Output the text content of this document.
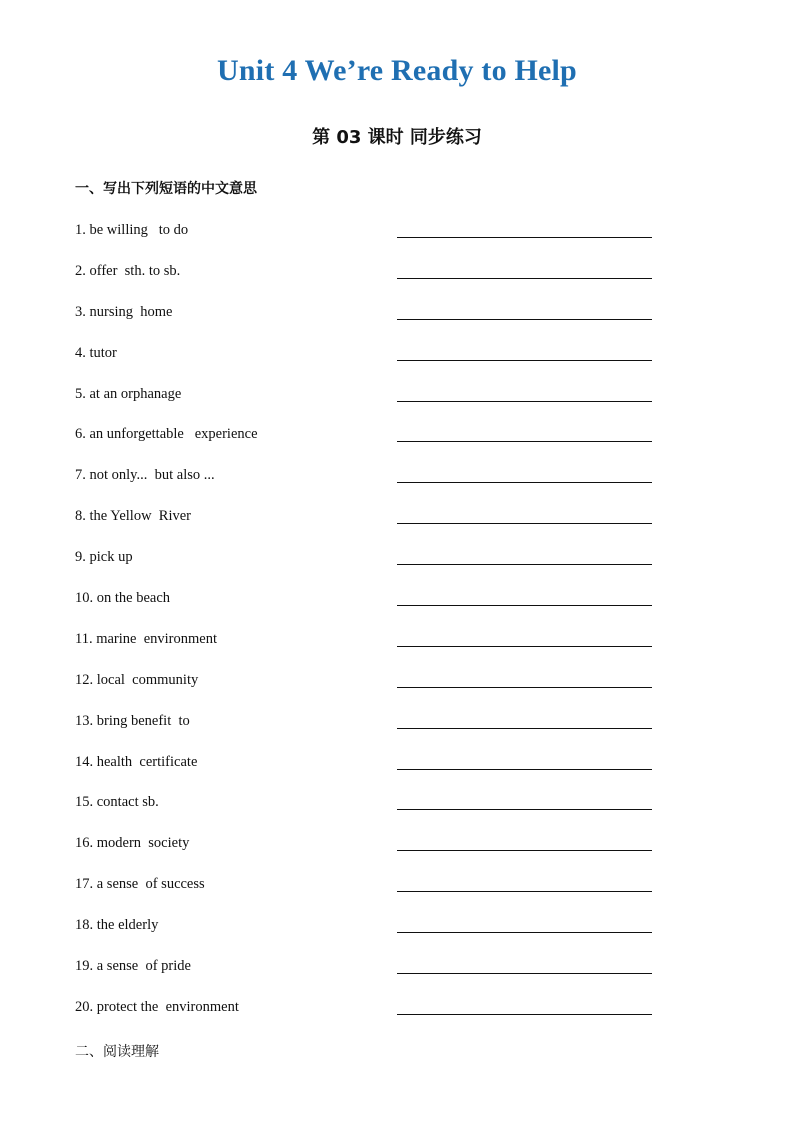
Unit 4 We’re Ready to Help
第 03 课时 同步练习
一、写出下列短语的中文意思
1. be willing   to do
2. offer  sth. to sb.
3. nursing  home
4. tutor
5. at an orphanage
6. an unforgettable   experience
7. not only...  but also ...
8. the Yellow  River
9. pick up
10. on the beach
11. marine  environment
12. local  community
13. bring benefit  to
14. health  certificate
15. contact sb.
16. modern  society
17. a sense  of success
18. the elderly
19. a sense  of pride
20. protect the  environment
二、阅读理解
